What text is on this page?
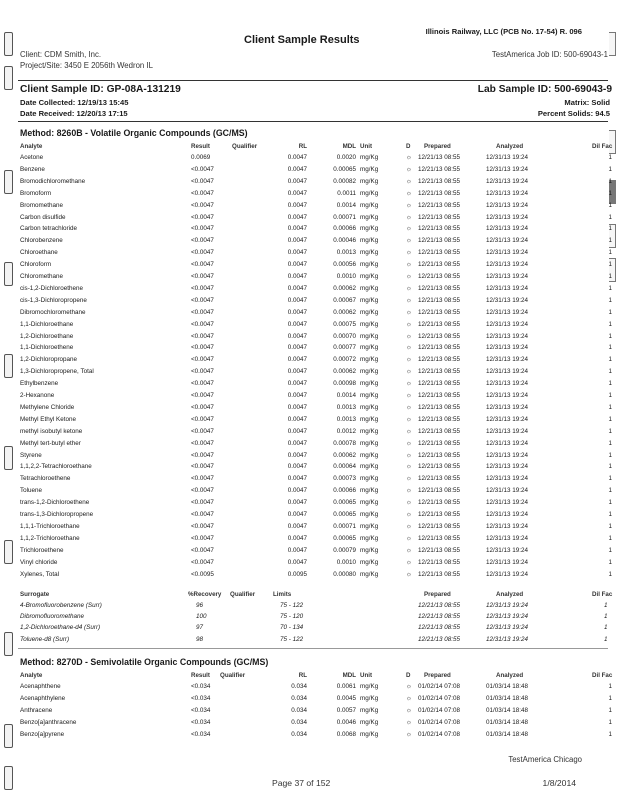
Illinois Railway, LLC (PCB No. 17-54) R. 096
Client Sample Results
Client: CDM Smith, Inc.	TestAmerica Job ID: 500-69043-1
Project/Site: 3450 E 2056th Wedron IL
Client Sample ID: GP-08A-131219	Lab Sample ID: 500-69043-9
Date Collected: 12/19/13 15:45	Matrix: Solid
Date Received: 12/20/13 17:15	Percent Solids: 94.5
Method: 8260B - Volatile Organic Compounds (GC/MS)
Analyte	Result	Qualifier	RL	MDL Unit	D Prepared	Analyzed	Dil Fac
Acetone	0.0069	0.0047	0.0020 mg/Kg	☼ 12/21/13 08:55	12/31/13 19:24	1
Benzene	<0.0047	0.0047	0.00065 mg/Kg	☼ 12/21/13 08:55	12/31/13 19:24	1
Bromodichloromethane	<0.0047	0.0047	0.00082 mg/Kg	☼ 12/21/13 08:55	12/31/13 19:24	1
Bromoform	<0.0047	0.0047	0.0011 mg/Kg	☼ 12/21/13 08:55	12/31/13 19:24	1
Bromomethane	<0.0047	0.0047	0.0014 mg/Kg	☼ 12/21/13 08:55	12/31/13 19:24	1
Carbon disulfide	<0.0047	0.0047	0.00071 mg/Kg	☼ 12/21/13 08:55	12/31/13 19:24	1
Carbon tetrachloride	<0.0047	0.0047	0.00066 mg/Kg	☼ 12/21/13 08:55	12/31/13 19:24	1
Chlorobenzene	<0.0047	0.0047	0.00046 mg/Kg	☼ 12/21/13 08:55	12/31/13 19:24	1
Chloroethane	<0.0047	0.0047	0.0013 mg/Kg	☼ 12/21/13 08:55	12/31/13 19:24	1
Chloroform	<0.0047	0.0047	0.00056 mg/Kg	☼ 12/21/13 08:55	12/31/13 19:24	1
Chloromethane	<0.0047	0.0047	0.0010 mg/Kg	☼ 12/21/13 08:55	12/31/13 19:24	1
cis-1,2-Dichloroethene	<0.0047	0.0047	0.00062 mg/Kg	☼ 12/21/13 08:55	12/31/13 19:24	1
cis-1,3-Dichloropropene	<0.0047	0.0047	0.00067 mg/Kg	☼ 12/21/13 08:55	12/31/13 19:24	1
Dibromochloromethane	<0.0047	0.0047	0.00062 mg/Kg	☼ 12/21/13 08:55	12/31/13 19:24	1
1,1-Dichloroethane	<0.0047	0.0047	0.00075 mg/Kg	☼ 12/21/13 08:55	12/31/13 19:24	1
1,2-Dichloroethane	<0.0047	0.0047	0.00070 mg/Kg	☼ 12/21/13 08:55	12/31/13 19:24	1
1,1-Dichloroethene	<0.0047	0.0047	0.00077 mg/Kg	☼ 12/21/13 08:55	12/31/13 19:24	1
1,2-Dichloropropane	<0.0047	0.0047	0.00072 mg/Kg	☼ 12/21/13 08:55	12/31/13 19:24	1
1,3-Dichloropropene, Total	<0.0047	0.0047	0.00062 mg/Kg	☼ 12/21/13 08:55	12/31/13 19:24	1
Ethylbenzene	<0.0047	0.0047	0.00098 mg/Kg	☼ 12/21/13 08:55	12/31/13 19:24	1
2-Hexanone	<0.0047	0.0047	0.0014 mg/Kg	☼ 12/21/13 08:55	12/31/13 19:24	1
Methylene Chloride	<0.0047	0.0047	0.0013 mg/Kg	☼ 12/21/13 08:55	12/31/13 19:24	1
Methyl Ethyl Ketone	<0.0047	0.0047	0.0013 mg/Kg	☼ 12/21/13 08:55	12/31/13 19:24	1
methyl isobutyl ketone	<0.0047	0.0047	0.0012 mg/Kg	☼ 12/21/13 08:55	12/31/13 19:24	1
Methyl tert-butyl ether	<0.0047	0.0047	0.00078 mg/Kg	☼ 12/21/13 08:55	12/31/13 19:24	1
Styrene	<0.0047	0.0047	0.00062 mg/Kg	☼ 12/21/13 08:55	12/31/13 19:24	1
1,1,2,2-Tetrachloroethane	<0.0047	0.0047	0.00064 mg/Kg	☼ 12/21/13 08:55	12/31/13 19:24	1
Tetrachloroethene	<0.0047	0.0047	0.00073 mg/Kg	☼ 12/21/13 08:55	12/31/13 19:24	1
Toluene	<0.0047	0.0047	0.00066 mg/Kg	☼ 12/21/13 08:55	12/31/13 19:24	1
trans-1,2-Dichloroethene	<0.0047	0.0047	0.00065 mg/Kg	☼ 12/21/13 08:55	12/31/13 19:24	1
trans-1,3-Dichloropropene	<0.0047	0.0047	0.00065 mg/Kg	☼ 12/21/13 08:55	12/31/13 19:24	1
1,1,1-Trichloroethane	<0.0047	0.0047	0.00071 mg/Kg	☼ 12/21/13 08:55	12/31/13 19:24	1
1,1,2-Trichloroethane	<0.0047	0.0047	0.00065 mg/Kg	☼ 12/21/13 08:55	12/31/13 19:24	1
Trichloroethene	<0.0047	0.0047	0.00079 mg/Kg	☼ 12/21/13 08:55	12/31/13 19:24	1
Vinyl chloride	<0.0047	0.0047	0.0010 mg/Kg	☼ 12/21/13 08:55	12/31/13 19:24	1
Xylenes, Total	<0.0095	0.0095	0.00080 mg/Kg	☼ 12/21/13 08:55	12/31/13 19:24	1
Surrogate	%Recovery Qualifier	Limits	Prepared	Analyzed	Dil Fac
4-Bromofluorobenzene (Surr)	96	75 - 122	12/21/13 08:55	12/31/13 19:24	1
Dibromofluoromethane	100	75 - 120	12/21/13 08:55	12/31/13 19:24	1
1,2-Dichloroethane-d4 (Surr)	97	70 - 134	12/21/13 08:55	12/31/13 19:24	1
Toluene-d8 (Surr)	98	75 - 122	12/21/13 08:55	12/31/13 19:24	1
Method: 8270D - Semivolatile Organic Compounds (GC/MS)
Analyte	Result	Qualifier	RL	MDL Unit	D Prepared	Analyzed	Dil Fac
Acenaphthene	<0.034	0.034	0.0061 mg/Kg	☼ 01/02/14 07:08	01/03/14 18:48	1
Acenaphthylene	<0.034	0.034	0.0045 mg/Kg	☼ 01/02/14 07:08	01/03/14 18:48	1
Anthracene	<0.034	0.034	0.0057 mg/Kg	☼ 01/02/14 07:08	01/03/14 18:48	1
Benzo[a]anthracene	<0.034	0.034	0.0046 mg/Kg	☼ 01/02/14 07:08	01/03/14 18:48	1
Benzo[a]pyrene	<0.034	0.034	0.0068 mg/Kg	☼ 01/02/14 07:08	01/03/14 18:48	1
TestAmerica Chicago
Page 37 of 152	1/8/2014
